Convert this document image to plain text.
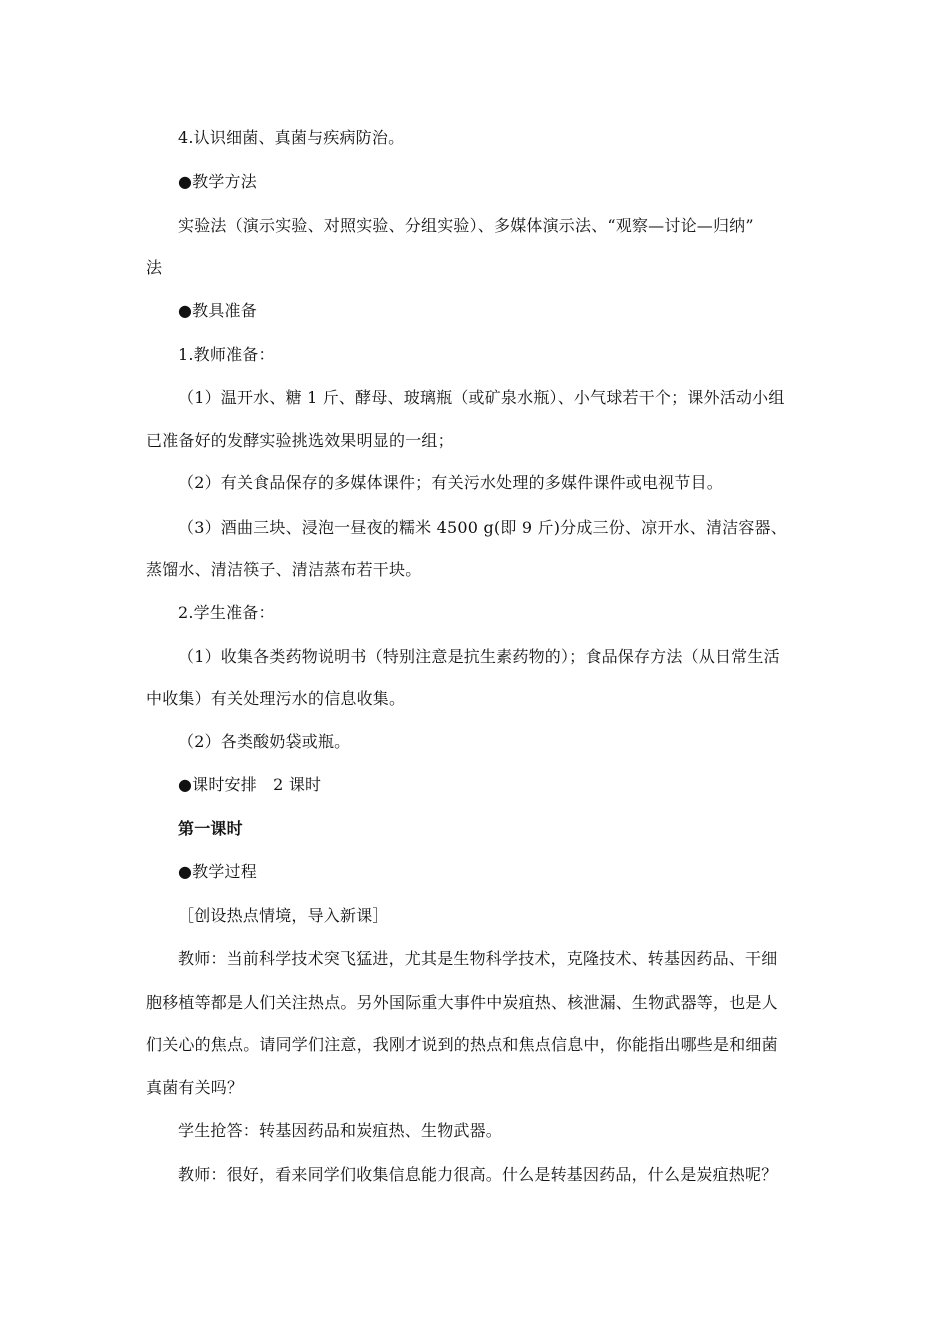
4.认识细菌、真菌与疾病防治。
●教学方法
实验法（演示实验、对照实验、分组实验）、多媒体演示法、“观察—讨论—归纳”
法
●教具准备
1.教师准备：
（1）温开水、糖 1 斤、酵母、玻璃瓶（或矿泉水瓶）、小气球若干个；课外活动小组
已准备好的发酵实验挑选效果明显的一组；
（2）有关食品保存的多媒体课件；有关污水处理的多媒件课件或电视节目。
（3）酒曲三块、浸泡一昼夜的糯米 4500 g(即 9 斤)分成三份、凉开水、清洁容器、
蒸馏水、清洁筷子、清洁蒸布若干块。
2.学生准备：
（1）收集各类药物说明书（特别注意是抗生素药物的）；食品保存方法（从日常生活
中收集）有关处理污水的信息收集。
（2）各类酸奶袋或瓶。
●课时安排　2 课时
第一课时
●教学过程
［创设热点情境，导入新课］
教师：当前科学技术突飞猛进，尤其是生物科学技术，克隆技术、转基因药品、干细
胞移植等都是人们关注热点。另外国际重大事件中炭疽热、核泄漏、生物武器等，也是人
们关心的焦点。请同学们注意，我刚才说到的热点和焦点信息中，你能指出哪些是和细菌
真菌有关吗？
学生抢答：转基因药品和炭疽热、生物武器。
教师：很好，看来同学们收集信息能力很高。什么是转基因药品，什么是炭疽热呢？
